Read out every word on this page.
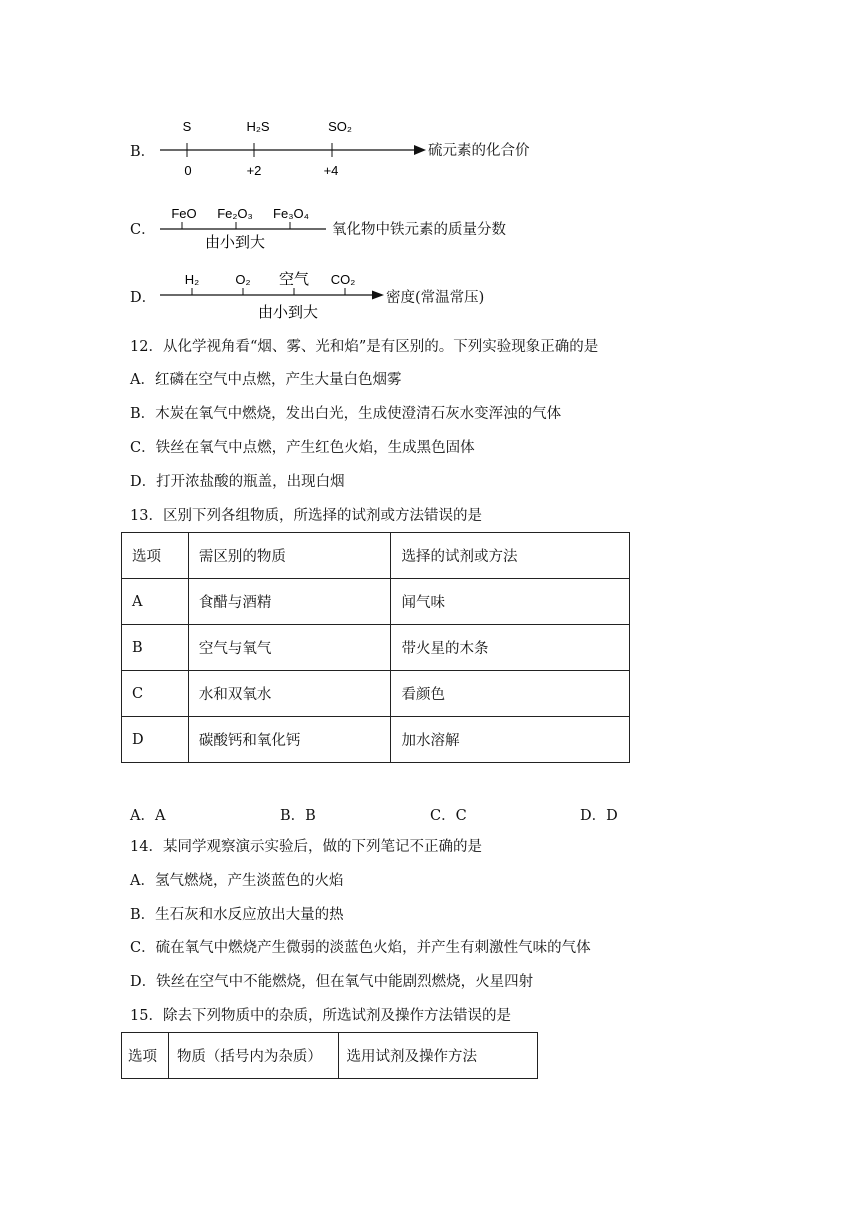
B．
S	H₂S	SO₂
0	+2	+4
硫元素的化合价
C．
FeO Fe₂O₃ Fe₃O₄
由小到大
氧化物中铁元素的质量分数
D．
H₂	O₂ 空气 CO₂
由小到大
密度(常温常压)
12．从化学视角看“烟、雾、光和焰”是有区别的。下列实验现象正确的是
A．红磷在空气中点燃，产生大量白色烟雾
B．木炭在氧气中燃烧，发出白光，生成使澄清石灰水变浑浊的气体
C．铁丝在氧气中点燃，产生红色火焰，生成黑色固体
D．打开浓盐酸的瓶盖，出现白烟
13．区别下列各组物质，所选择的试剂或方法错误的是
选项	需区别的物质	选择的试剂或方法
A	食醋与酒精	闻气味
B	空气与氧气	带火星的木条
C	水和双氧水	看颜色
D	碳酸钙和氧化钙	加水溶解
A．A	B．B	C．C	D．D
14．某同学观察演示实验后，做的下列笔记不正确的是
A．氢气燃烧，产生淡蓝色的火焰
B．生石灰和水反应放出大量的热
C．硫在氧气中燃烧产生微弱的淡蓝色火焰，并产生有刺激性气味的气体
D．铁丝在空气中不能燃烧，但在氧气中能剧烈燃烧，火星四射
15．除去下列物质中的杂质，所选试剂及操作方法错误的是
选项	物质（括号内为杂质）	选用试剂及操作方法
